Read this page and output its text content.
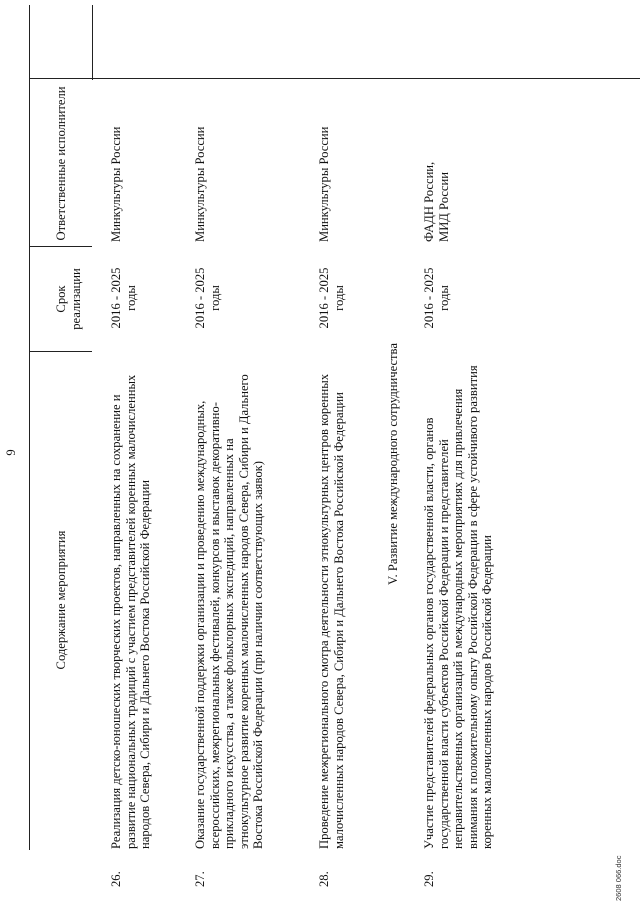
9
Содержание мероприятия
Срок
реализации
Ответственные исполнители
26.
Реализация детско-юношеских творческих проектов, направленных на сохранение и развитие национальных традиций с участием представителей коренных малочисленных народов Севера, Сибири и Дальнего Востока Российской Федерации
2016 - 2025
годы
Минкультуры России
27.
Оказание государственной поддержки организации и проведению международных, всероссийских, межрегиональных фестивалей, конкурсов и выставок декоративно-прикладного искусства, а также фольклорных экспедиций, направленных на этнокультурное развитие коренных малочисленных народов Севера, Сибири и Дальнего Востока Российской Федерации (при наличии соответствующих заявок)
2016 - 2025
годы
Минкультуры России
28.
Проведение межрегионального смотра деятельности этнокультурных центров коренных малочисленных народов Севера, Сибири и Дальнего Востока Российской Федерации
2016 - 2025
годы
Минкультуры России
V. Развитие международного сотрудничества
29.
Участие представителей федеральных органов государственной власти, органов государственной власти субъектов Российской Федерации и представителей неправительственных организаций в международных мероприятиях для привлечения внимания к положительному опыту Российской Федерации в сфере устойчивого развития коренных малочисленных народов Российской Федерации
2016 - 2025
годы
ФАДН России,
МИД России
2608 066.doc
